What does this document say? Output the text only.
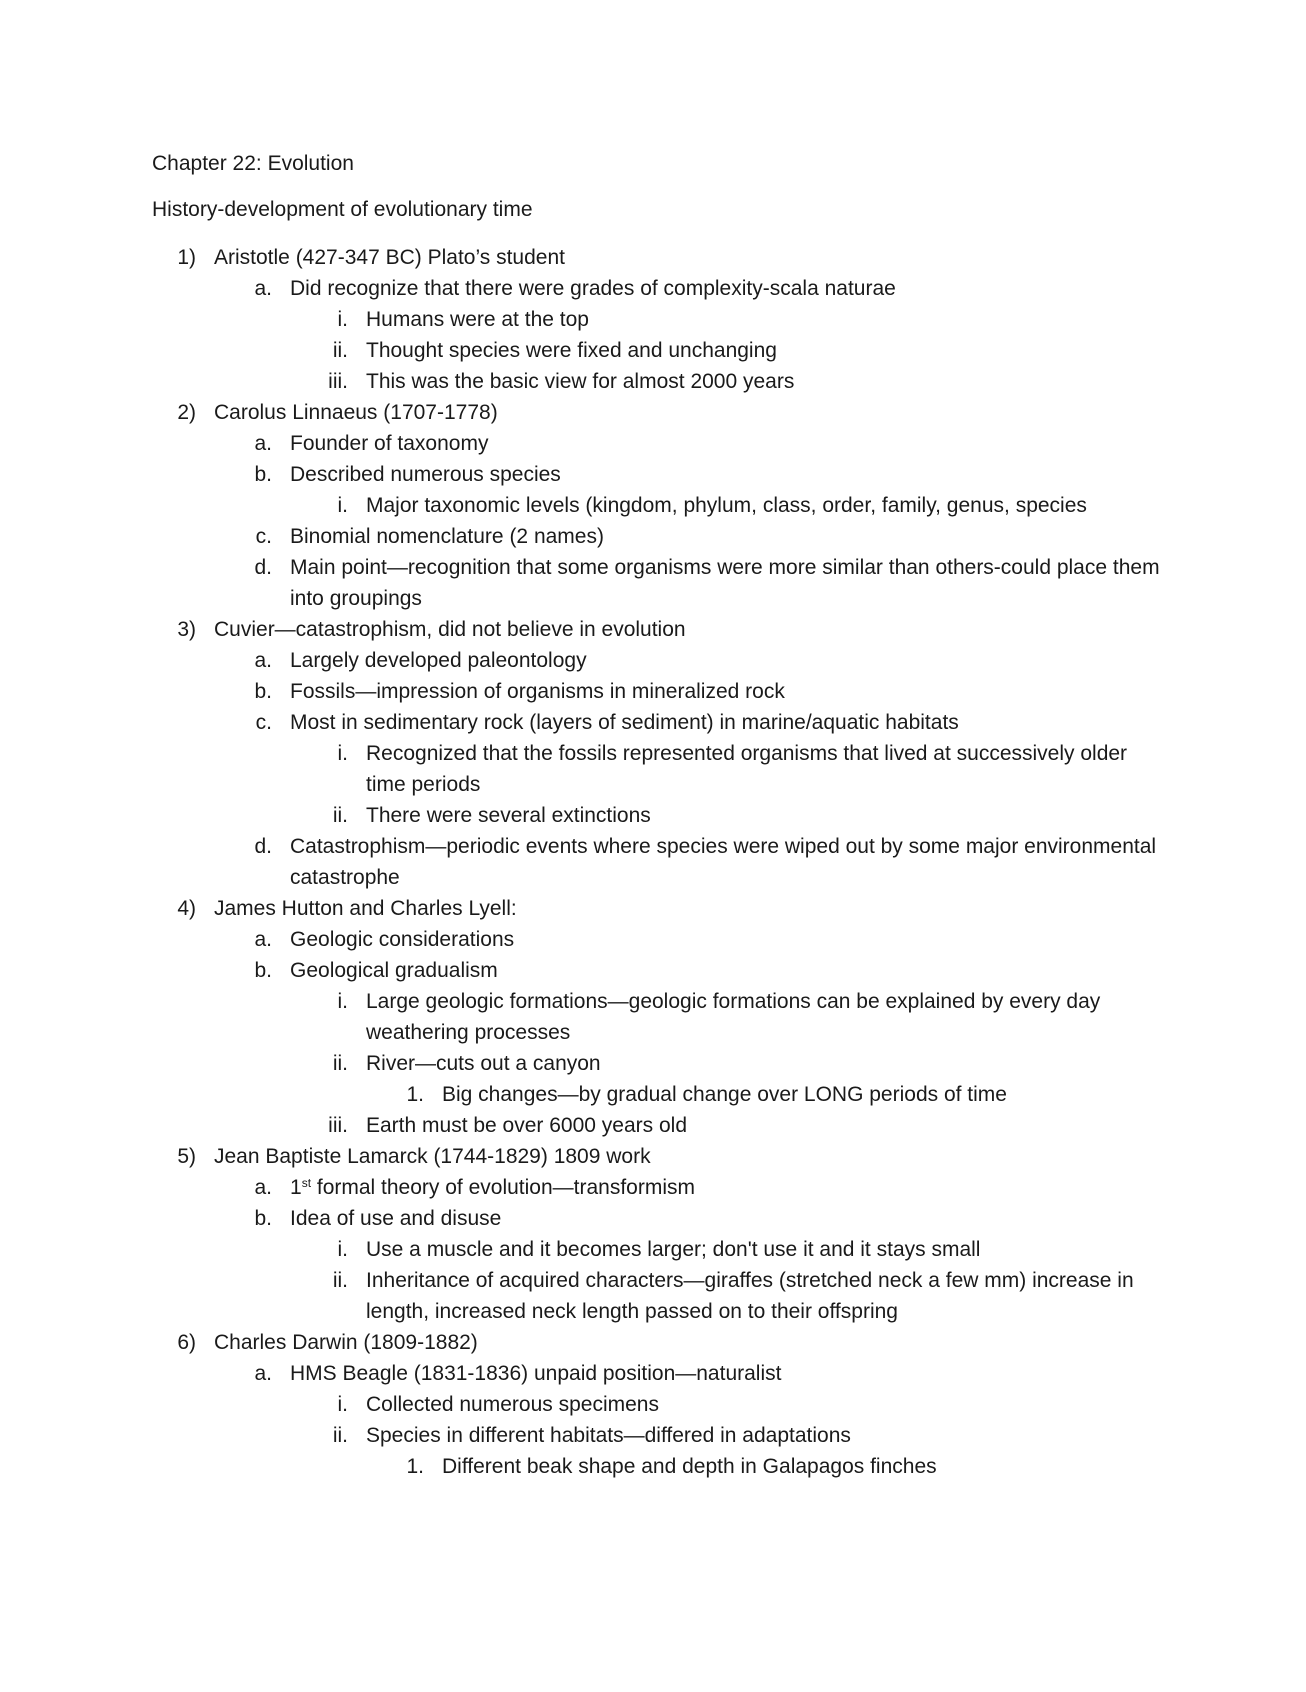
Chapter 22: Evolution
History-development of evolutionary time
1) Aristotle (427-347 BC) Plato’s student
a. Did recognize that there were grades of complexity-scala naturae
i. Humans were at the top
ii. Thought species were fixed and unchanging
iii. This was the basic view for almost 2000 years
2) Carolus Linnaeus (1707-1778)
a. Founder of taxonomy
b. Described numerous species
i. Major taxonomic levels (kingdom, phylum, class, order, family, genus, species
c. Binomial nomenclature (2 names)
d. Main point—recognition that some organisms were more similar than others-could place them into groupings
3) Cuvier—catastrophism, did not believe in evolution
a. Largely developed paleontology
b. Fossils—impression of organisms in mineralized rock
c. Most in sedimentary rock (layers of sediment) in marine/aquatic habitats
i. Recognized that the fossils represented organisms that lived at successively older time periods
ii. There were several extinctions
d. Catastrophism—periodic events where species were wiped out by some major environmental catastrophe
4) James Hutton and Charles Lyell:
a. Geologic considerations
b. Geological gradualism
i. Large geologic formations—geologic formations can be explained by every day weathering processes
ii. River—cuts out a canyon
1. Big changes—by gradual change over LONG periods of time
iii. Earth must be over 6000 years old
5) Jean Baptiste Lamarck (1744-1829) 1809 work
a. 1st formal theory of evolution—transformism
b. Idea of use and disuse
i. Use a muscle and it becomes larger; don't use it and it stays small
ii. Inheritance of acquired characters—giraffes (stretched neck a few mm) increase in length, increased neck length passed on to their offspring
6) Charles Darwin (1809-1882)
a. HMS Beagle (1831-1836) unpaid position—naturalist
i. Collected numerous specimens
ii. Species in different habitats—differed in adaptations
1. Different beak shape and depth in Galapagos finches
